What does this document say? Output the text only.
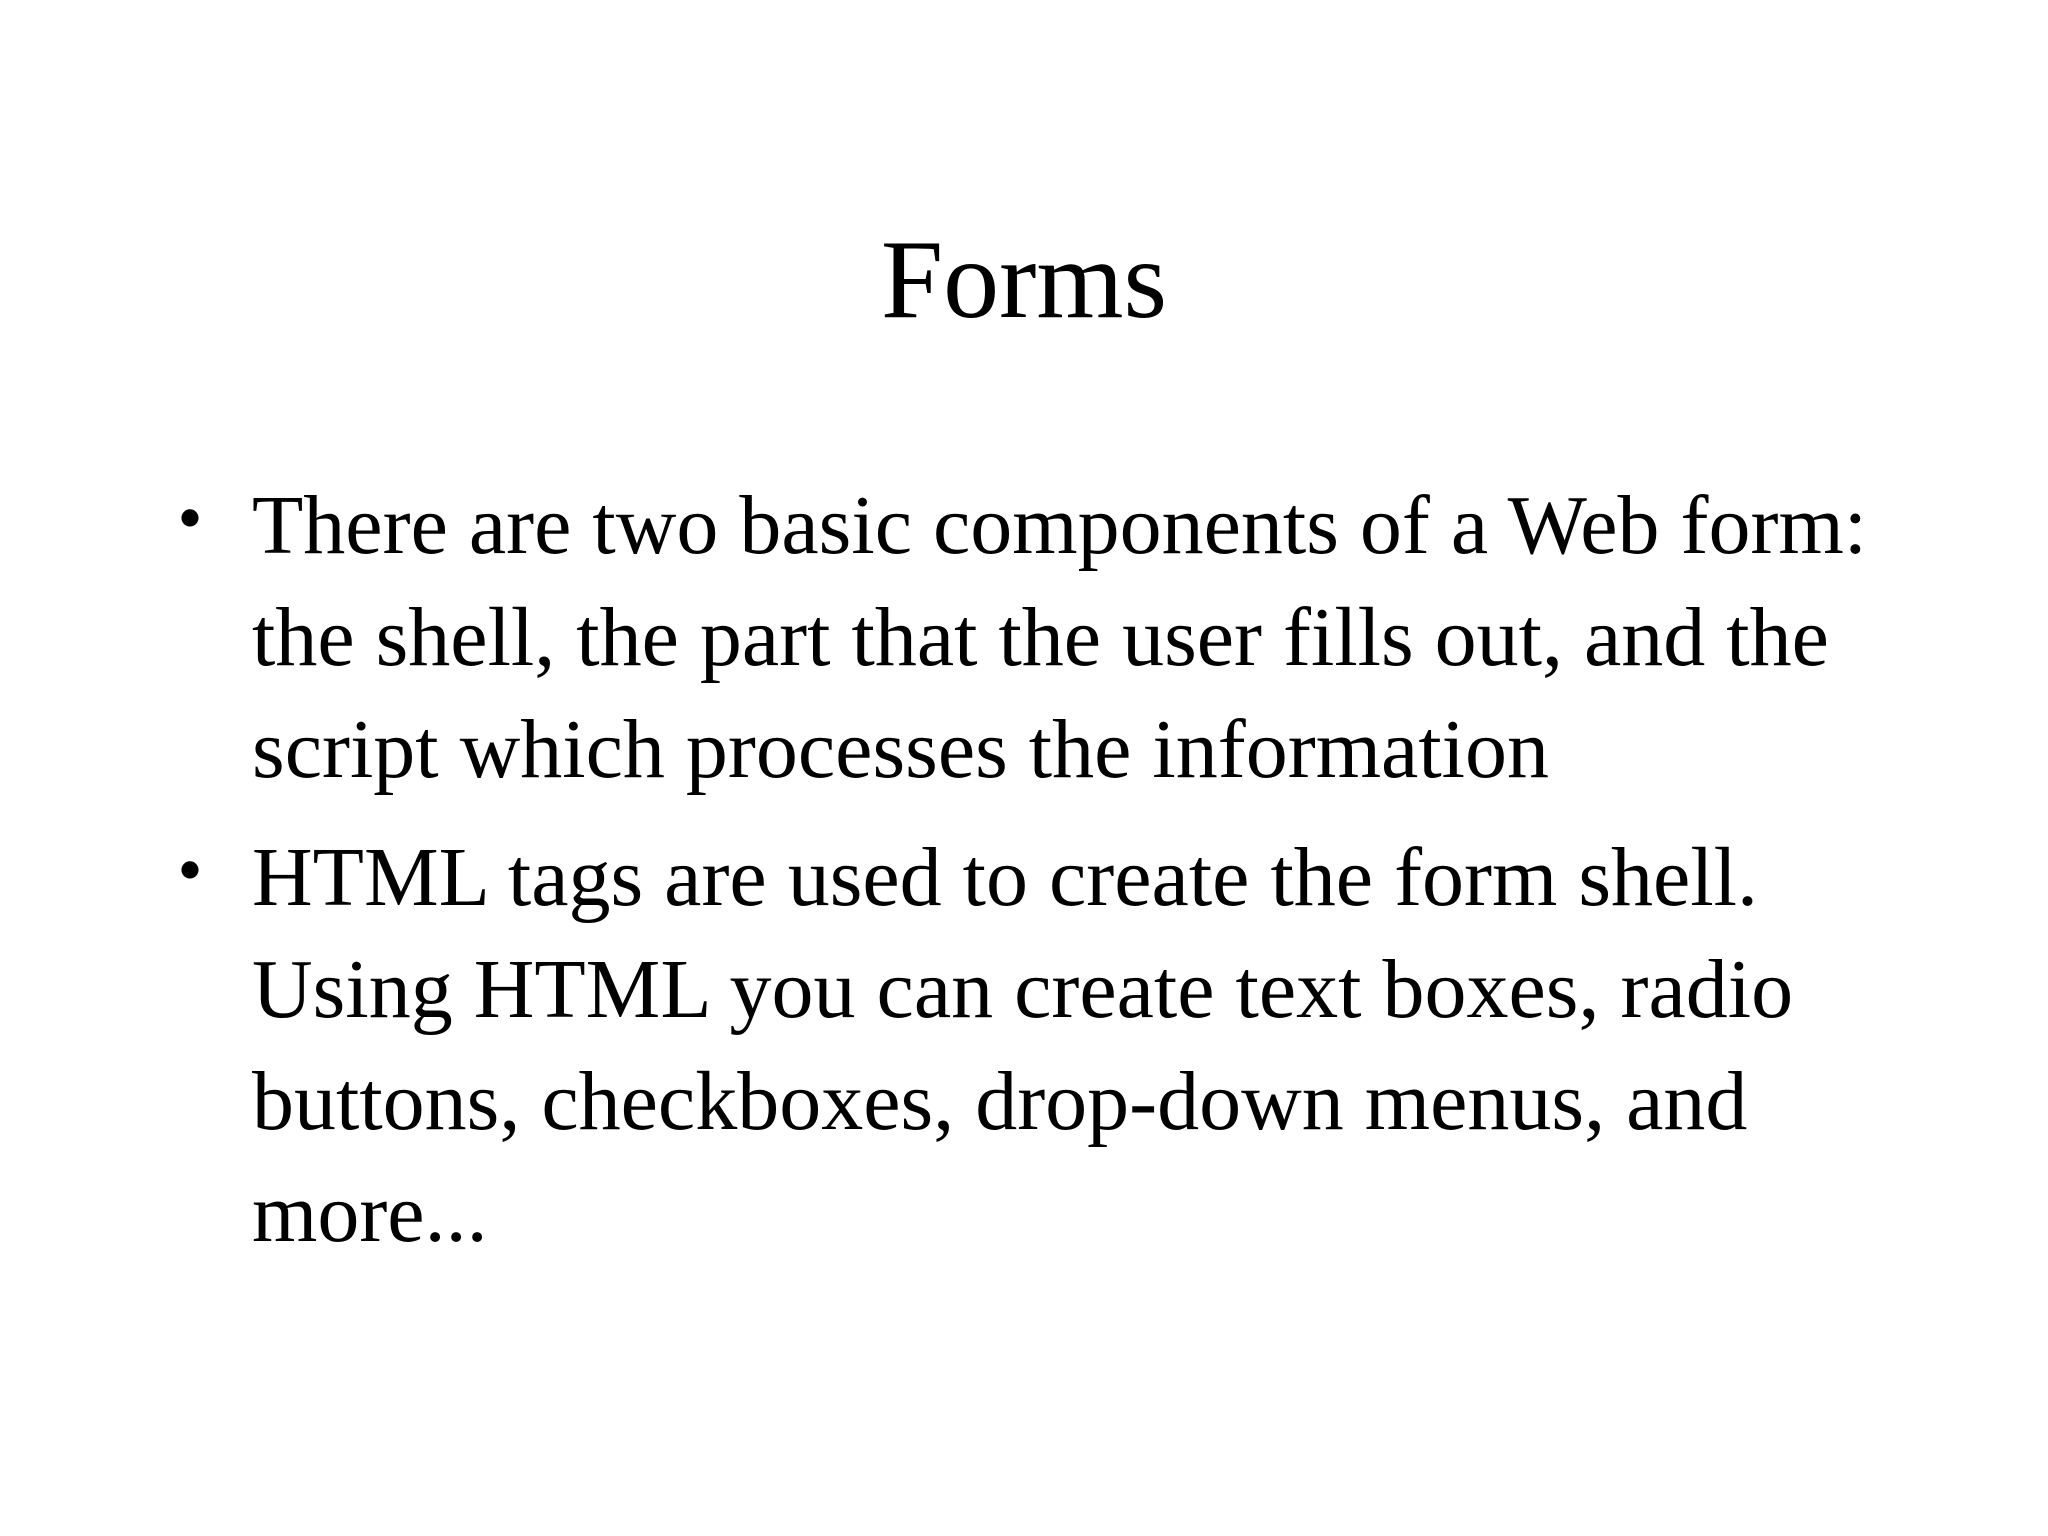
Forms
• There are two basic components of a Web form: the shell, the part that the user fills out, and the script which processes the information
• HTML tags are used to create the form shell. Using HTML you can create text boxes, radio buttons, checkboxes, drop-down menus, and more...
